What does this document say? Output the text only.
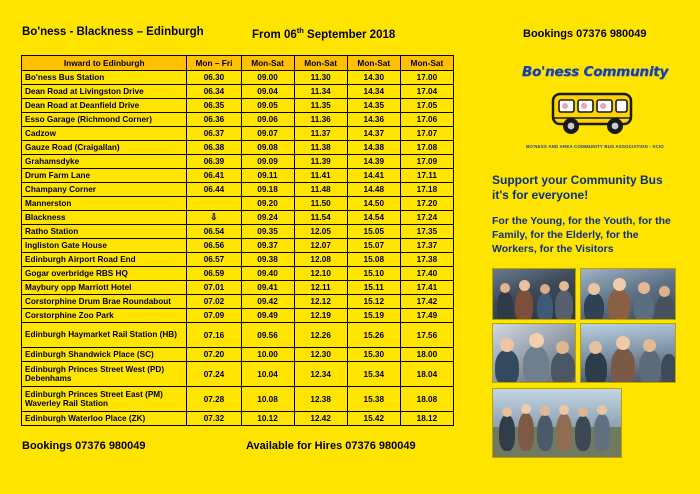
Bo'ness - Blackness – Edinburgh	From 06th September 2018	Bookings 07376 980049
Inward to Edinburgh	Mon – Fri	Mon-Sat	Mon-Sat	Mon-Sat	Mon-Sat
Bo'ness Bus Station	06.30	09.00	11.30	14.30	17.00
Dean Road at Livingston Drive	06.34	09.04	11.34	14.34	17.04
Dean Road at Deanfield Drive	06.35	09.05	11.35	14.35	17.05
Esso Garage (Richmond Corner)	06.36	09.06	11.36	14.36	17.06
Cadzow	06.37	09.07	11.37	14.37	17.07
Gauze Road (Craigallan)	06.38	09.08	11.38	14.38	17.08
Grahamsdyke	06.39	09.09	11.39	14.39	17.09
Drum Farm Lane	06.41	09.11	11.41	14.41	17.11
Champany Corner	06.44	09.18	11.48	14.48	17.18
Mannerston		09.20	11.50	14.50	17.20
Blackness	⇩	09.24	11.54	14.54	17.24
Ratho Station	06.54	09.35	12.05	15.05	17.35
Ingliston Gate House	06.56	09.37	12.07	15.07	17.37
Edinburgh Airport Road End	06.57	09.38	12.08	15.08	17.38
Gogar overbridge RBS HQ	06.59	09.40	12.10	15.10	17.40
Maybury opp Marriott Hotel	07.01	09.41	12.11	15.11	17.41
Corstorphine Drum Brae Roundabout	07.02	09.42	12.12	15.12	17.42
Corstorphine Zoo Park	07.09	09.49	12.19	15.19	17.49
Edinburgh Haymarket Rail Station (HB)	07.16	09.56	12.26	15.26	17.56
Edinburgh Shandwick Place (SC)	07.20	10.00	12.30	15.30	18.00
Edinburgh Princes Street West (PD) Debenhams	07.24	10.04	12.34	15.34	18.04
Edinburgh Princes Street East (PM) Waverley Rail Station	07.28	10.08	12.38	15.38	18.08
Edinburgh Waterloo Place (ZK)	07.32	10.12	12.42	15.42	18.12
Bookings 07376 980049	Available for Hires 07376 980049
Bo'ness Community
BO'NESS AND AREA COMMUNITY BUS ASSOCIATION - SCIO
Support your Community Bus it's for everyone!
For the Young, for the Youth, for the Family, for the Elderly, for the Workers, for the Visitors
